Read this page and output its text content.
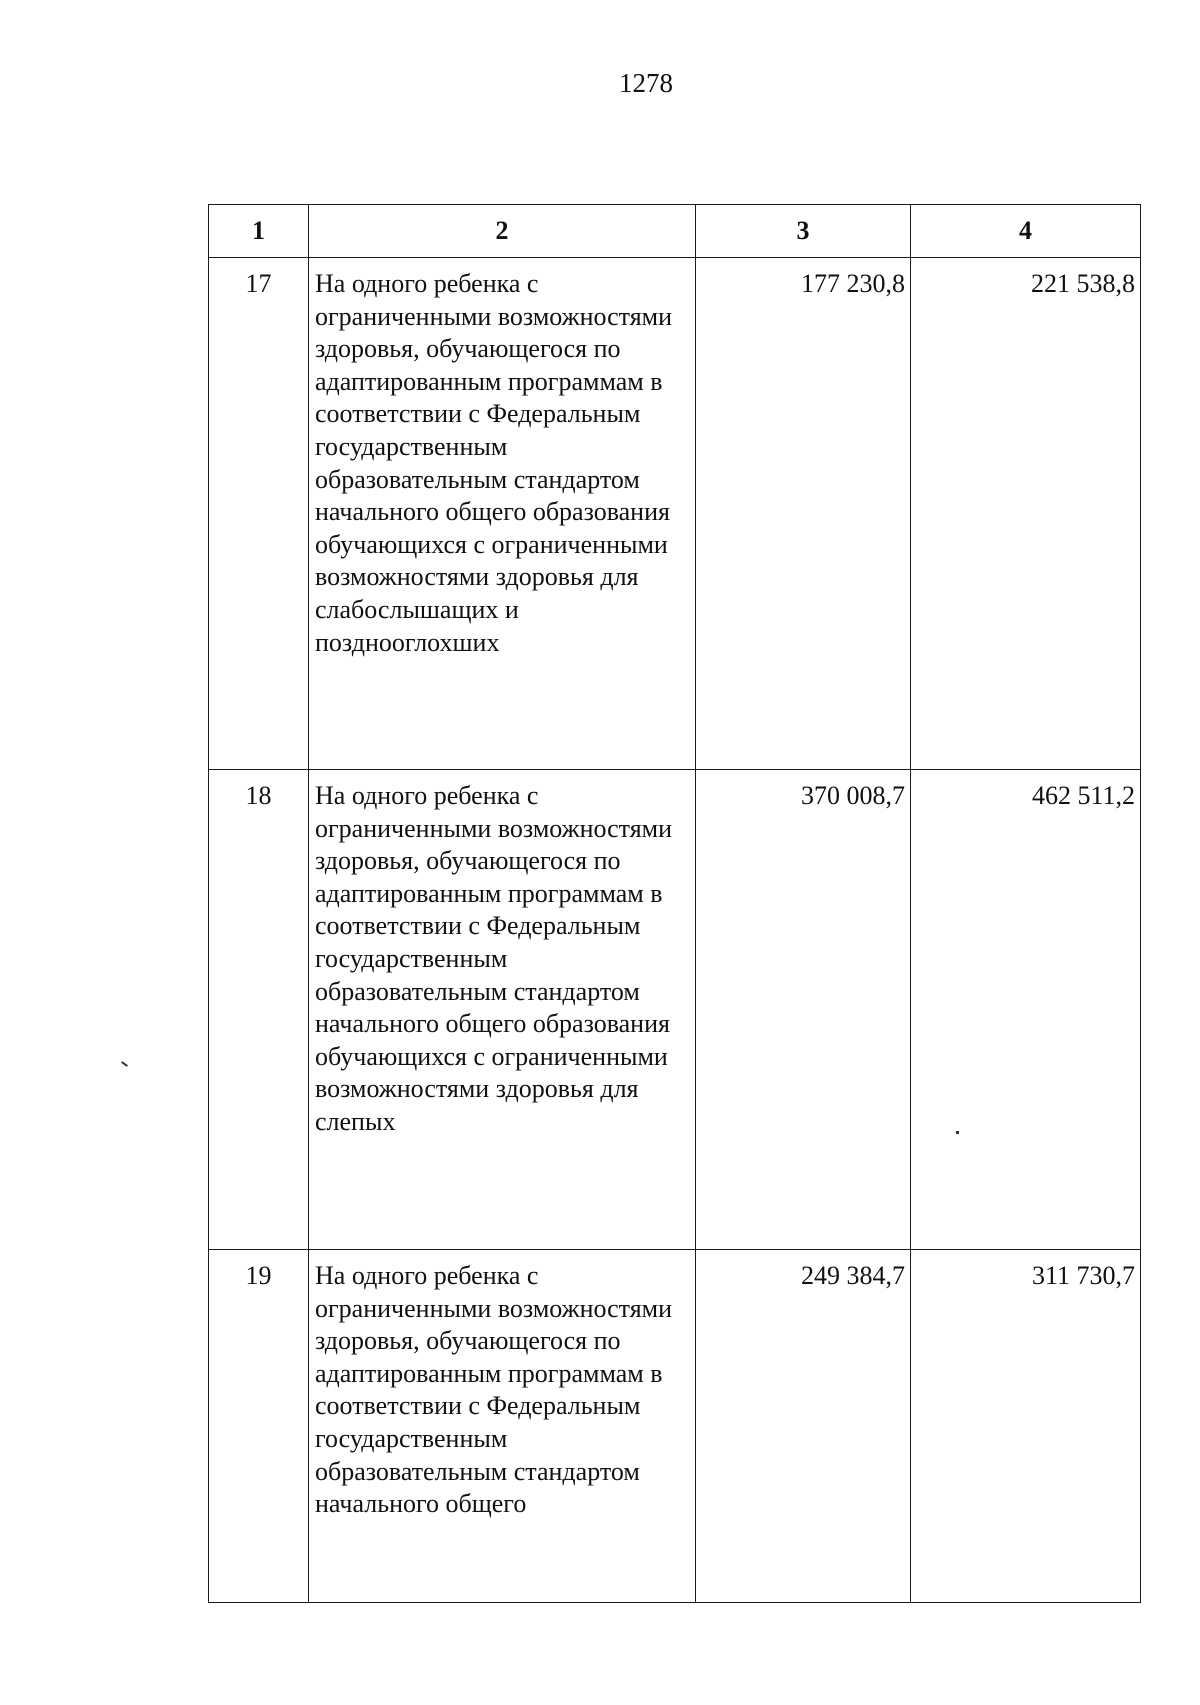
1278
1	2	3	4
17	На одного ребенка с ограниченными возможностями здоровья, обучающегося по адаптированным программам в соответствии с Федеральным государственным образовательным стандартом начального общего образования обучающихся с ограниченными возможностями здоровья для слабослышащих и позднооглохших	177 230,8	221 538,8
18	На одного ребенка с ограниченными возможностями здоровья, обучающегося по адаптированным программам в соответствии с Федеральным государственным образовательным стандартом начального общего образования обучающихся с ограниченными возможностями здоровья для слепых	370 008,7	462 511,2
19	На одного ребенка с ограниченными возможностями здоровья, обучающегося по адаптированным программам в соответствии с Федеральным государственным образовательным стандартом начального общего	249 384,7	311 730,7
